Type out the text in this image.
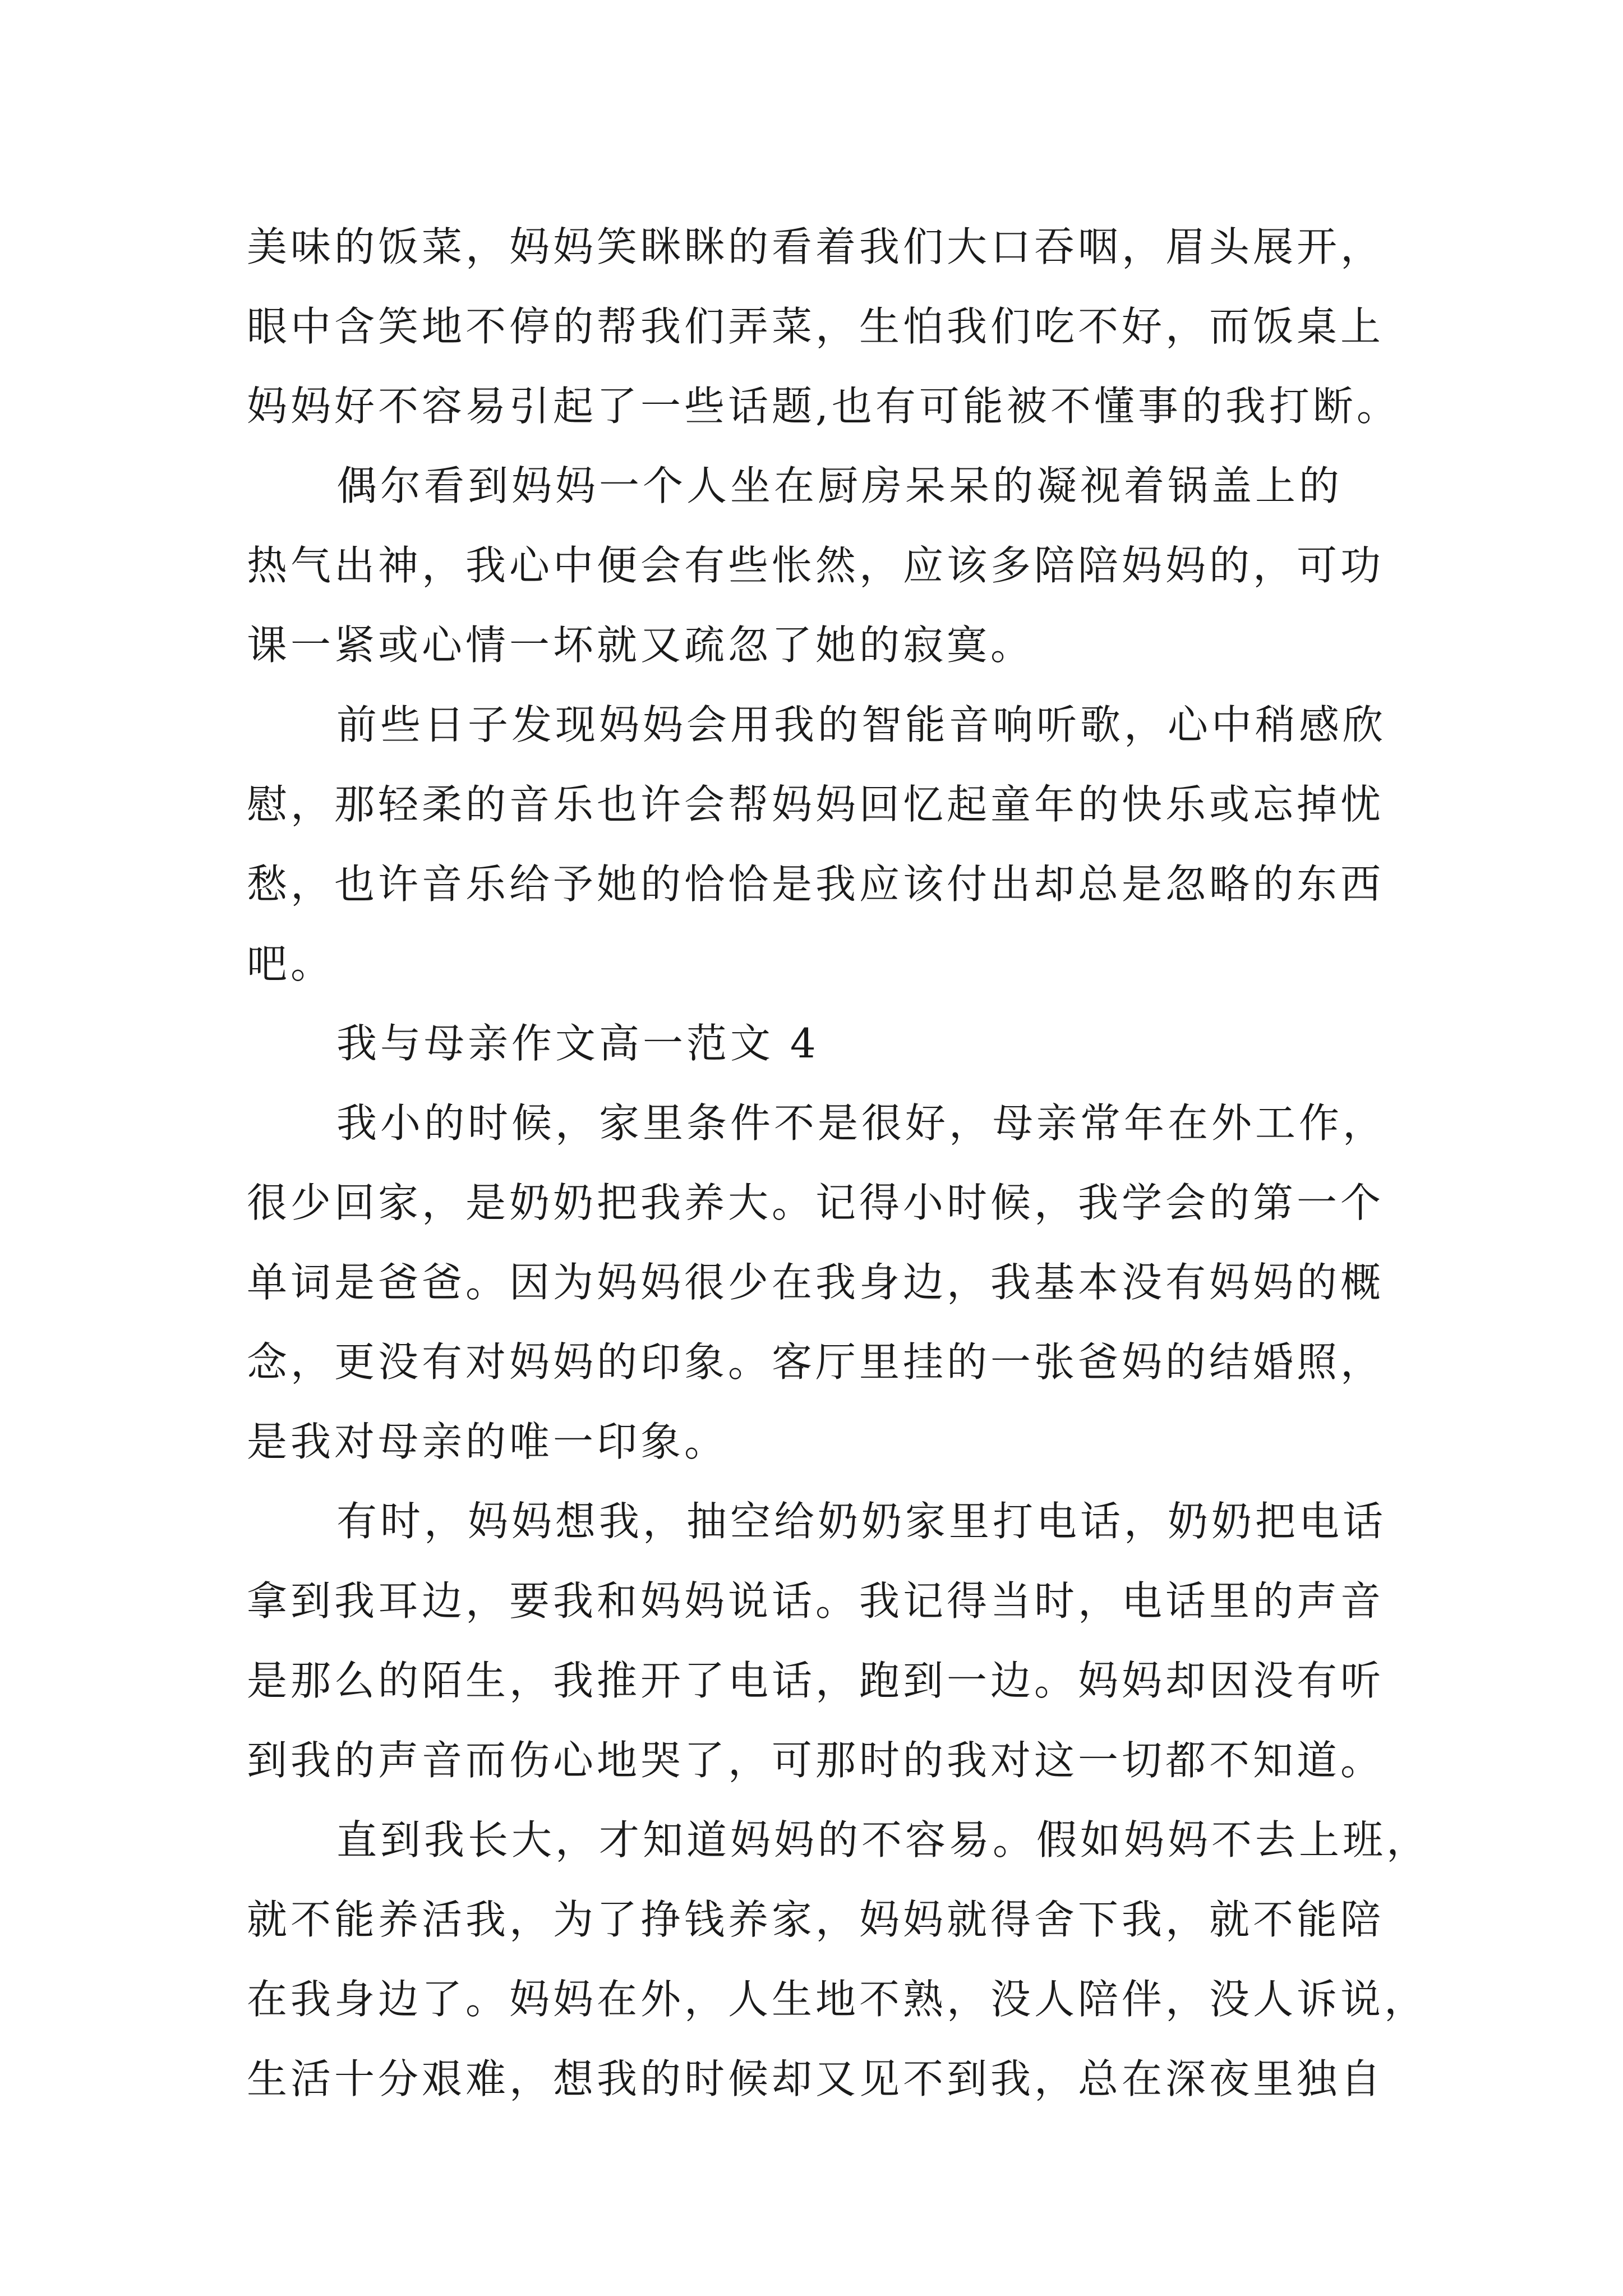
美味的饭菜，妈妈笑眯眯的看着我们大口吞咽，眉头展开，
眼中含笑地不停的帮我们弄菜，生怕我们吃不好，而饭桌上
妈妈好不容易引起了一些话题,也有可能被不懂事的我打断。
偶尔看到妈妈一个人坐在厨房呆呆的凝视着锅盖上的
热气出神，我心中便会有些怅然，应该多陪陪妈妈的，可功
课一紧或心情一坏就又疏忽了她的寂寞。
前些日子发现妈妈会用我的智能音响听歌，心中稍感欣
慰，那轻柔的音乐也许会帮妈妈回忆起童年的快乐或忘掉忧
愁，也许音乐给予她的恰恰是我应该付出却总是忽略的东西
吧。
我与母亲作文高一范文 4
我小的时候，家里条件不是很好，母亲常年在外工作，
很少回家，是奶奶把我养大。记得小时候，我学会的第一个
单词是爸爸。因为妈妈很少在我身边，我基本没有妈妈的概
念，更没有对妈妈的印象。客厅里挂的一张爸妈的结婚照，
是我对母亲的唯一印象。
有时，妈妈想我，抽空给奶奶家里打电话，奶奶把电话
拿到我耳边，要我和妈妈说话。我记得当时，电话里的声音
是那么的陌生，我推开了电话，跑到一边。妈妈却因没有听
到我的声音而伤心地哭了，可那时的我对这一切都不知道。
直到我长大，才知道妈妈的不容易。假如妈妈不去上班，
就不能养活我，为了挣钱养家，妈妈就得舍下我，就不能陪
在我身边了。妈妈在外，人生地不熟，没人陪伴，没人诉说，
生活十分艰难，想我的时候却又见不到我，总在深夜里独自
